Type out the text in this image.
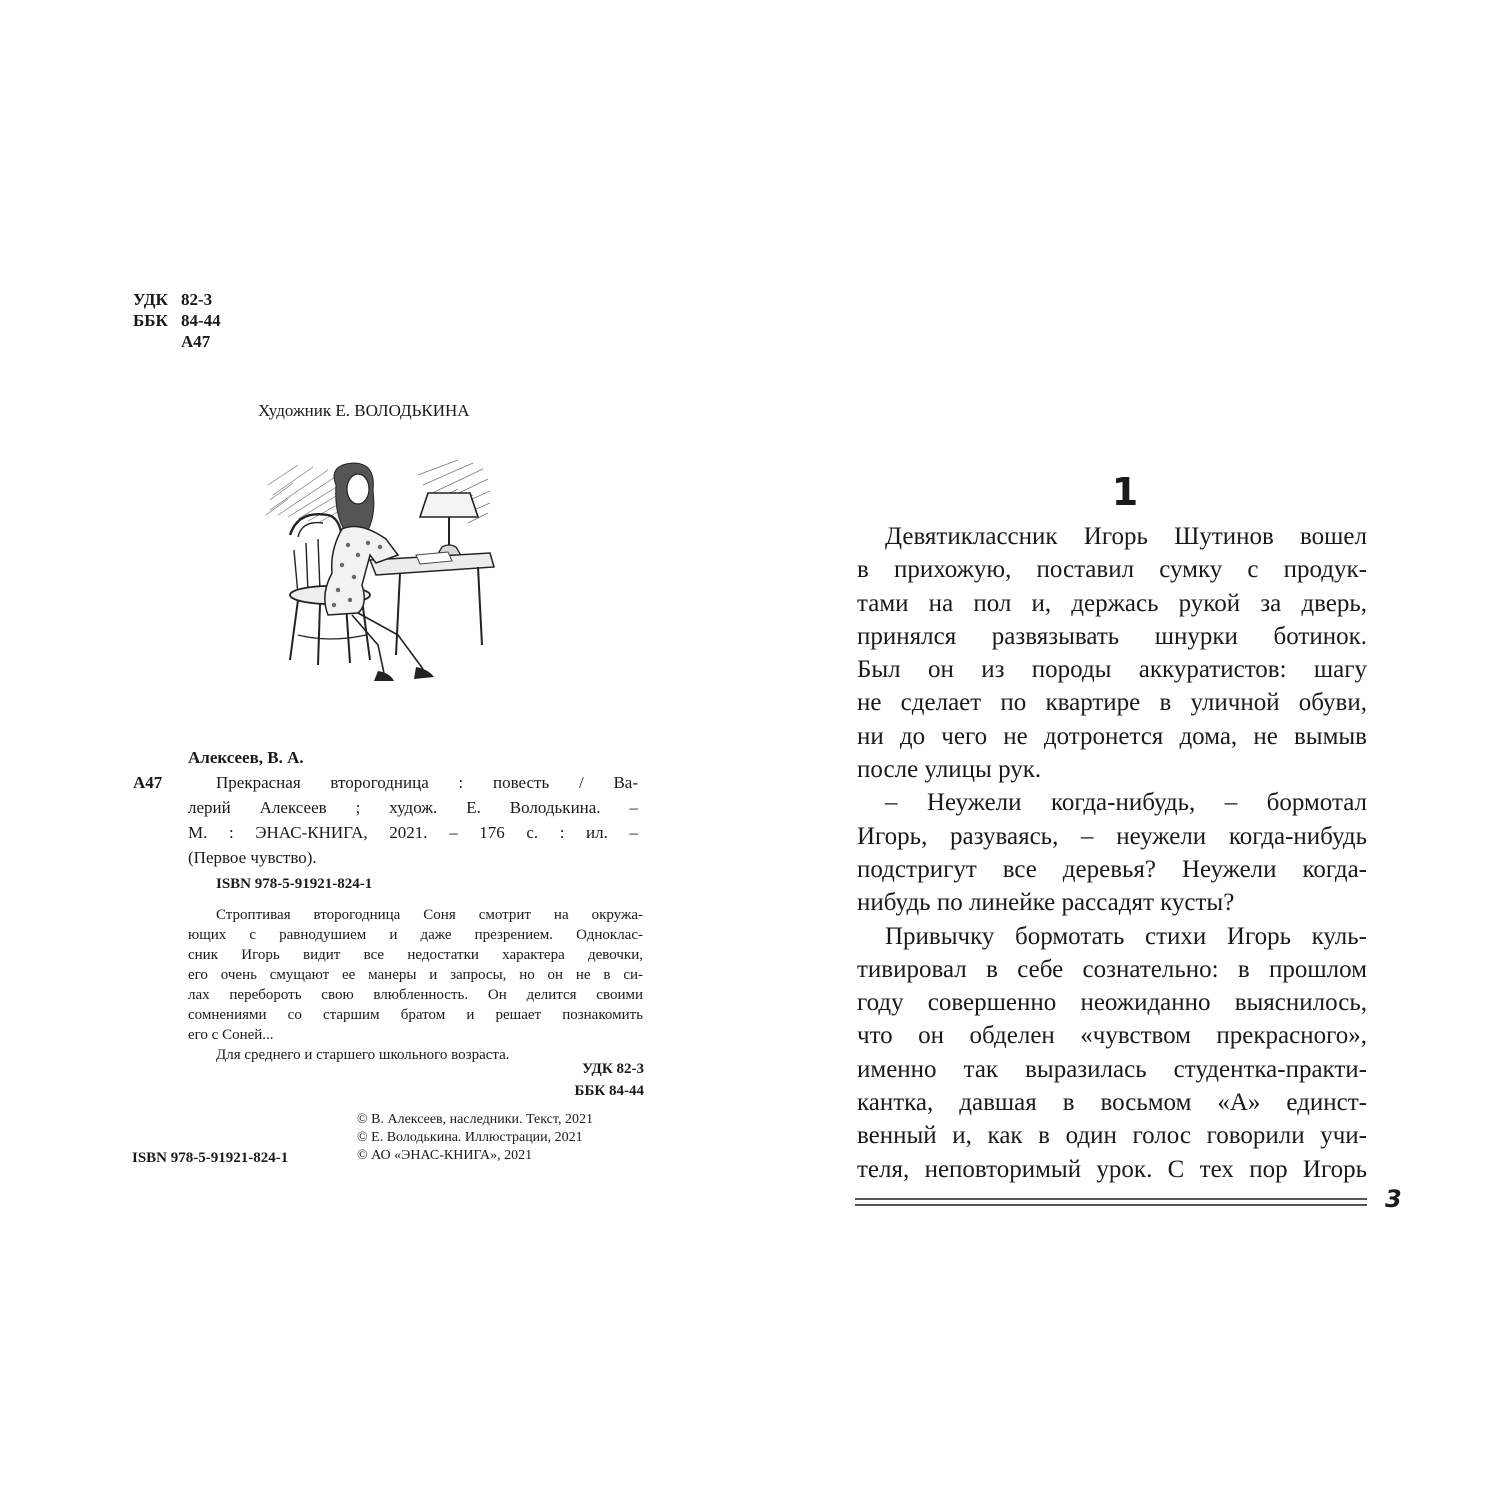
УДК 82-3
ББК 84-44
А47
Художник Е. ВОЛОДЬКИНА
Алексеев, В. А.
А47	Прекрасная второгодница : повесть / Ва-
лерий Алексеев ; худож. Е. Володькина. –
М. : ЭНАС-КНИГА, 2021. – 176 с. : ил. –
(Первое чувство).
ISBN 978-5-91921-824-1
Строптивая второгодница Соня смотрит на окружа-
ющих с равнодушием и даже презрением. Одноклас-
сник Игорь видит все недостатки характера девочки,
его очень смущают ее манеры и запросы, но он не в си-
лах перебороть свою влюбленность. Он делится своими
сомнениями со старшим братом и решает познакомить
его с Соней...
Для среднего и старшего школьного возраста.
УДК 82-3
ББК 84-44
© В. Алексеев, наследники. Текст, 2021
© Е. Володькина. Иллюстрации, 2021
© АО «ЭНАС-КНИГА», 2021
ISBN 978-5-91921-824-1
1
Девятиклассник Игорь Шутинов вошел
в прихожую, поставил сумку с продук-
тами на пол и, держась рукой за дверь,
принялся развязывать шнурки ботинок.
Был он из породы аккуратистов: шагу
не сделает по квартире в уличной обуви,
ни до чего не дотронется дома, не вымыв
после улицы рук.
– Неужели когда-нибудь, – бормотал
Игорь, разуваясь, – неужели когда-нибудь
подстригут все деревья? Неужели когда-
нибудь по линейке рассадят кусты?
Привычку бормотать стихи Игорь куль-
тивировал в себе сознательно: в прошлом
году совершенно неожиданно выяснилось,
что он обделен «чувством прекрасного»,
именно так выразилась студентка-практи-
кантка, давшая в восьмом «А» единст-
венный и, как в один голос говорили учи-
теля, неповторимый урок. С тех пор Игорь
3
